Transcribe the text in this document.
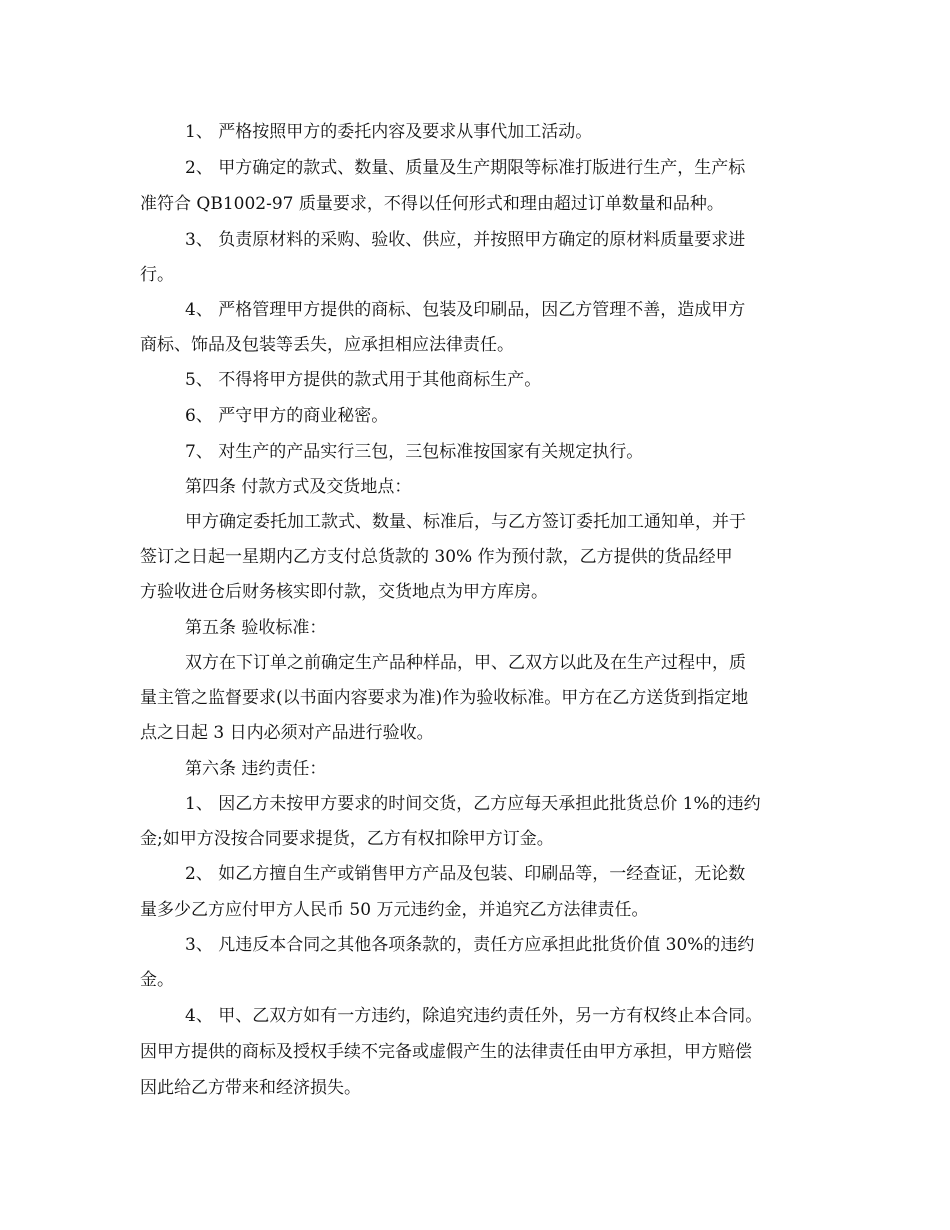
1、 严格按照甲方的委托内容及要求从事代加工活动。
2、 甲方确定的款式、数量、质量及生产期限等标准打版进行生产，生产标
准符合 QB1002-97 质量要求，不得以任何形式和理由超过订单数量和品种。
3、 负责原材料的采购、验收、供应，并按照甲方确定的原材料质量要求进
行。
4、 严格管理甲方提供的商标、包装及印刷品，因乙方管理不善，造成甲方
商标、饰品及包装等丢失，应承担相应法律责任。
5、 不得将甲方提供的款式用于其他商标生产。
6、 严守甲方的商业秘密。
7、 对生产的产品实行三包，三包标准按国家有关规定执行。
第四条 付款方式及交货地点：
甲方确定委托加工款式、数量、标准后，与乙方签订委托加工通知单，并于
签订之日起一星期内乙方支付总货款的 30% 作为预付款，乙方提供的货品经甲
方验收进仓后财务核实即付款，交货地点为甲方库房。
第五条 验收标准：
双方在下订单之前确定生产品种样品，甲、乙双方以此及在生产过程中，质
量主管之监督要求(以书面内容要求为准)作为验收标准。甲方在乙方送货到指定地
点之日起 3 日内必须对产品进行验收。
第六条 违约责任：
1、 因乙方未按甲方要求的时间交货，乙方应每天承担此批货总价 1%的违约
金;如甲方没按合同要求提货，乙方有权扣除甲方订金。
2、 如乙方擅自生产或销售甲方产品及包装、印刷品等，一经查证，无论数
量多少乙方应付甲方人民币 50 万元违约金，并追究乙方法律责任。
3、 凡违反本合同之其他各项条款的，责任方应承担此批货价值 30%的违约
金。
4、 甲、乙双方如有一方违约，除追究违约责任外，另一方有权终止本合同。
因甲方提供的商标及授权手续不完备或虚假产生的法律责任由甲方承担，甲方赔偿
因此给乙方带来和经济损失。
